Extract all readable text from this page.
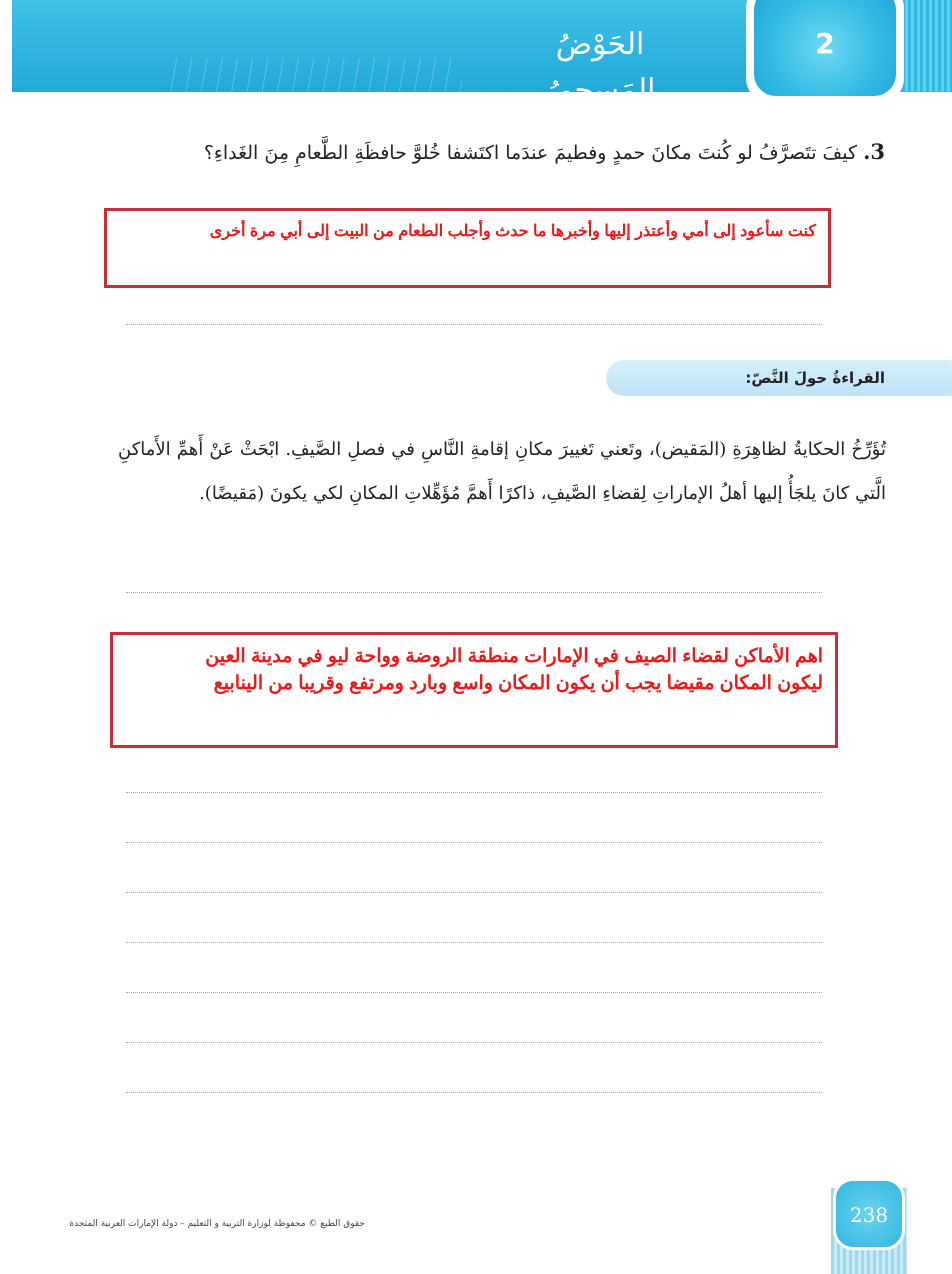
الحَوْضُ المَسحورُ
2
3. كيفَ تتَصرَّفُ لو كُنتَ مكانَ حمدٍ وفطيمَ عندَما اكتَشفا خُلوَّ حافظَةِ الطَّعامِ مِنَ الغَداءِ؟
كنت سأعود إلى أمي وأعتذر إليها وأخبرها ما حدث وأجلب الطعام من البيت إلى أبي مرة أخرى
القراءةُ حولَ النَّصّ:
تُؤَرِّخُ الحكايةُ لظاهِرَةِ (المَقيض)، وتَعني تَغييرَ مكانِ إقامةِ النَّاسِ في فصلِ الصَّيفِ. ابْحَثْ عَنْ أَهمِّ الأَماكنِ الَّتي كانَ يلجَأُ إليها أهلُ الإماراتِ لِقضاءِ الصَّيفِ، ذاكرًا أَهمَّ مُؤَهِّلاتِ المكانِ لكي يكونَ (مَقيضًا).
اهم الأماكن لقضاء الصيف في الإمارات منطقة الروضة وواحة ليو في مدينة العين
ليكون المكان مقيضا يجب أن يكون المكان واسع وبارد ومرتفع وقريبا من الينابيع
238
حقوق الطبع © محفوظة لوزارة التربية و التعليم – دولة الإمارات العربية المتحدة
